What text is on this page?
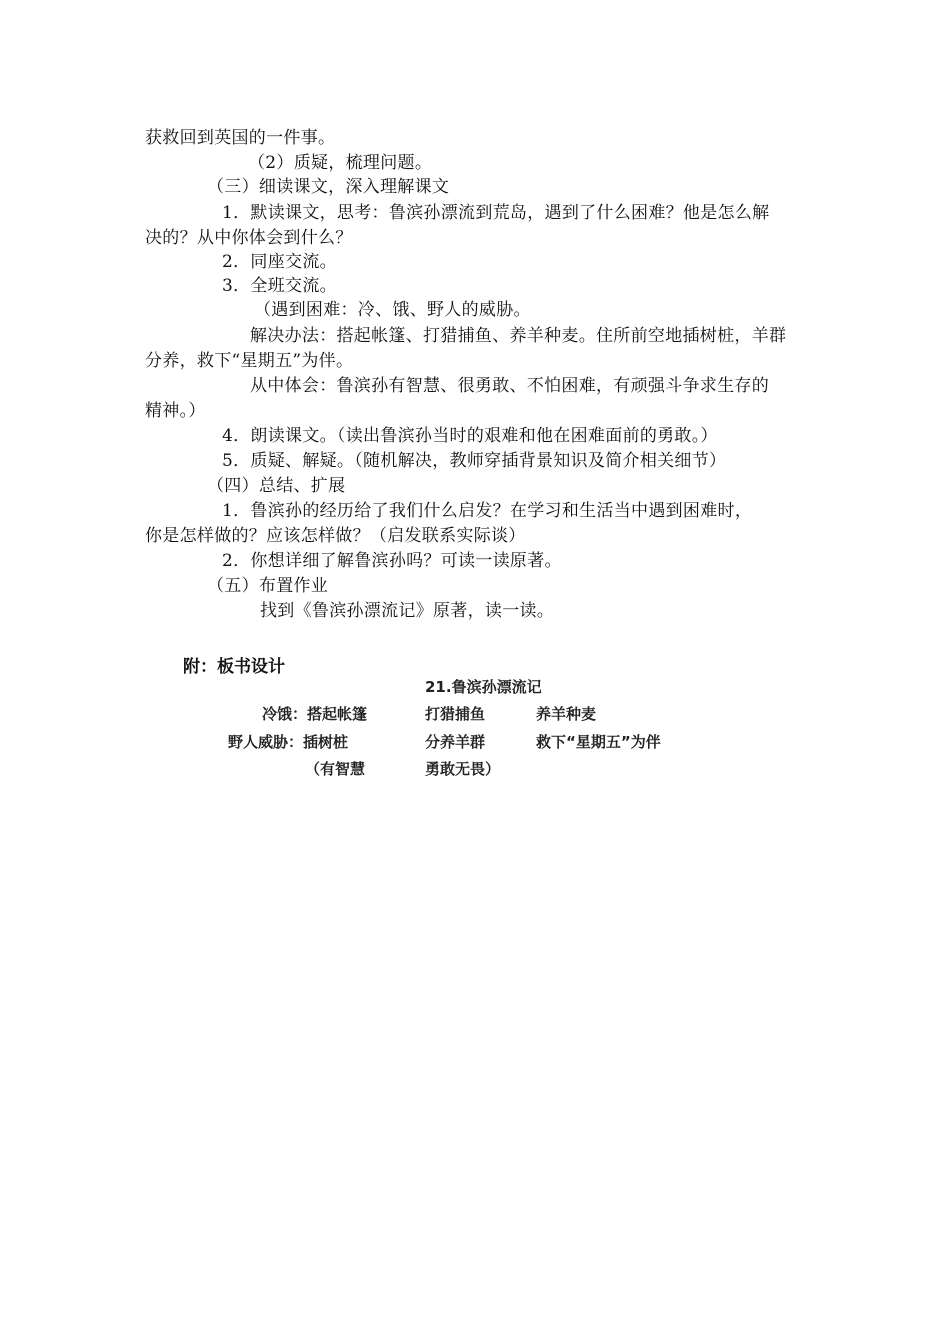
获救回到英国的一件事。
（2）质疑，梳理问题。
（三）细读课文，深入理解课文
1．默读课文，思考：鲁滨孙漂流到荒岛，遇到了什么困难？他是怎么解
决的？从中你体会到什么？
2．同座交流。
3．全班交流。
（遇到困难：冷、饿、野人的威胁。
解决办法：搭起帐篷、打猎捕鱼、养羊种麦。住所前空地插树桩，羊群
分养，救下“星期五”为伴。
从中体会：鲁滨孙有智慧、很勇敢、不怕困难，有顽强斗争求生存的
精神。）
4．朗读课文。（读出鲁滨孙当时的艰难和他在困难面前的勇敢。）
5．质疑、解疑。（随机解决，教师穿插背景知识及简介相关细节）
（四）总结、扩展
1．鲁滨孙的经历给了我们什么启发？在学习和生活当中遇到困难时，
你是怎样做的？应该怎样做？（启发联系实际谈）
2．你想详细了解鲁滨孙吗？可读一读原著。
（五）布置作业
找到《鲁滨孙漂流记》原著，读一读。
附：板书设计
21.鲁滨孙漂流记
冷饿：搭起帐篷	打猎捕鱼	养羊种麦
野人威胁：插树桩	分养羊群	救下“星期五”为伴
（有智慧	勇敢无畏）
